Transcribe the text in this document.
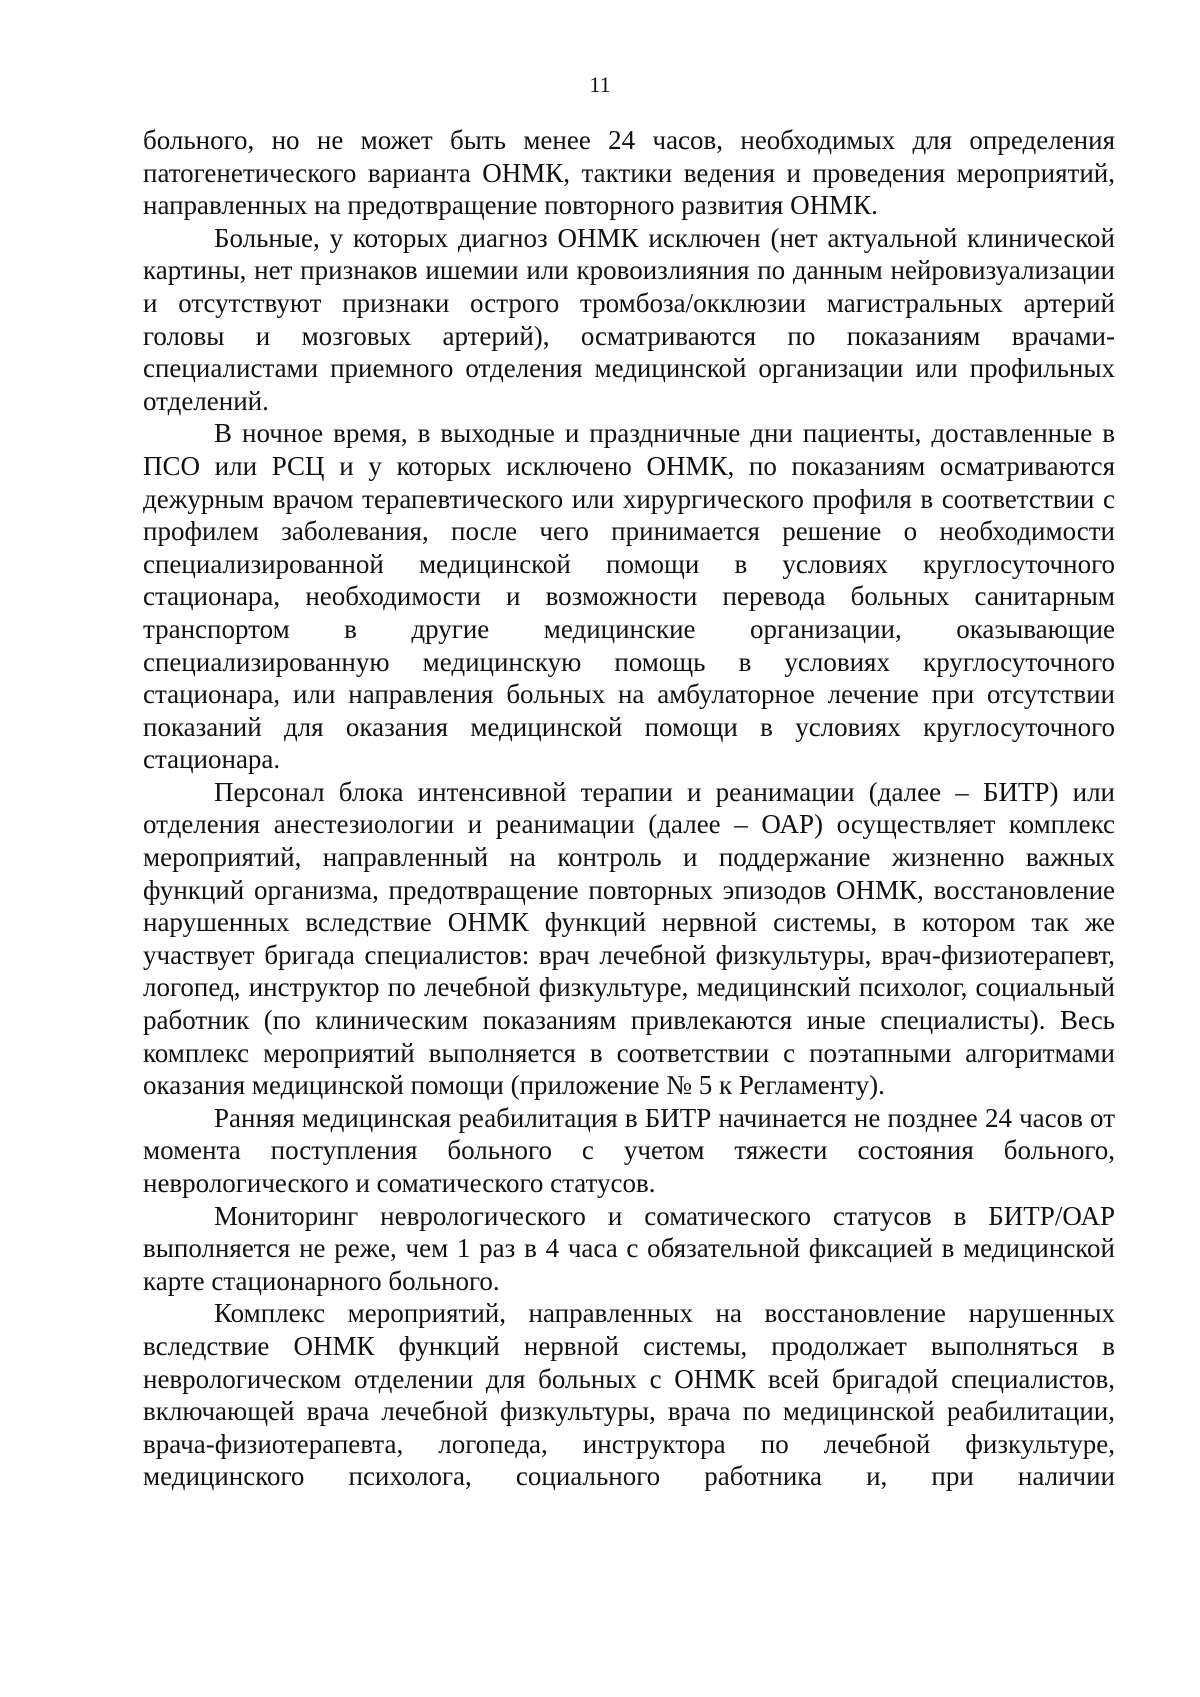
11

больного, но не может быть менее 24 часов, необходимых для определения патогенетического варианта ОНМК, тактики ведения и проведения мероприятий, направленных на предотвращение повторного развития ОНМК.

Больные, у которых диагноз ОНМК исключен (нет актуальной клинической картины, нет признаков ишемии или кровоизлияния по данным нейровизуализации и отсутствуют признаки острого тромбоза/окклюзии магистральных артерий головы и мозговых артерий), осматриваются по показаниям врачами-специалистами приемного отделения медицинской организации или профильных отделений.

В ночное время, в выходные и праздничные дни пациенты, доставленные в ПСО или РСЦ и у которых исключено ОНМК, по показаниям осматриваются дежурным врачом терапевтического или хирургического профиля в соответствии с профилем заболевания, после чего принимается решение о необходимости специализированной медицинской помощи в условиях круглосуточного стационара, необходимости и возможности перевода больных санитарным транспортом в другие медицинские организации, оказывающие специализированную медицинскую помощь в условиях круглосуточного стационара, или направления больных на амбулаторное лечение при отсутствии показаний для оказания медицинской помощи в условиях круглосуточного стационара.

Персонал блока интенсивной терапии и реанимации (далее – БИТР) или отделения анестезиологии и реанимации (далее – ОАР) осуществляет комплекс мероприятий, направленный на контроль и поддержание жизненно важных функций организма, предотвращение повторных эпизодов ОНМК, восстановление нарушенных вследствие ОНМК функций нервной системы, в котором так же участвует бригада специалистов: врач лечебной физкультуры, врач-физиотерапевт, логопед, инструктор по лечебной физкультуре, медицинский психолог, социальный работник (по клиническим показаниям привлекаются иные специалисты). Весь комплекс мероприятий выполняется в соответствии с поэтапными алгоритмами оказания медицинской помощи (приложение № 5 к Регламенту).

Ранняя медицинская реабилитация в БИТР начинается не позднее 24 часов от момента поступления больного с учетом тяжести состояния больного, неврологического и соматического статусов.

Мониторинг неврологического и соматического статусов в БИТР/ОАР выполняется не реже, чем 1 раз в 4 часа с обязательной фиксацией в медицинской карте стационарного больного.

Комплекс мероприятий, направленных на восстановление нарушенных вследствие ОНМК функций нервной системы, продолжает выполняться в неврологическом отделении для больных с ОНМК всей бригадой специалистов, включающей врача лечебной физкультуры, врача по медицинской реабилитации, врача-физиотерапевта, логопеда, инструктора по лечебной физкультуре, медицинского психолога, социального работника и, при наличии
